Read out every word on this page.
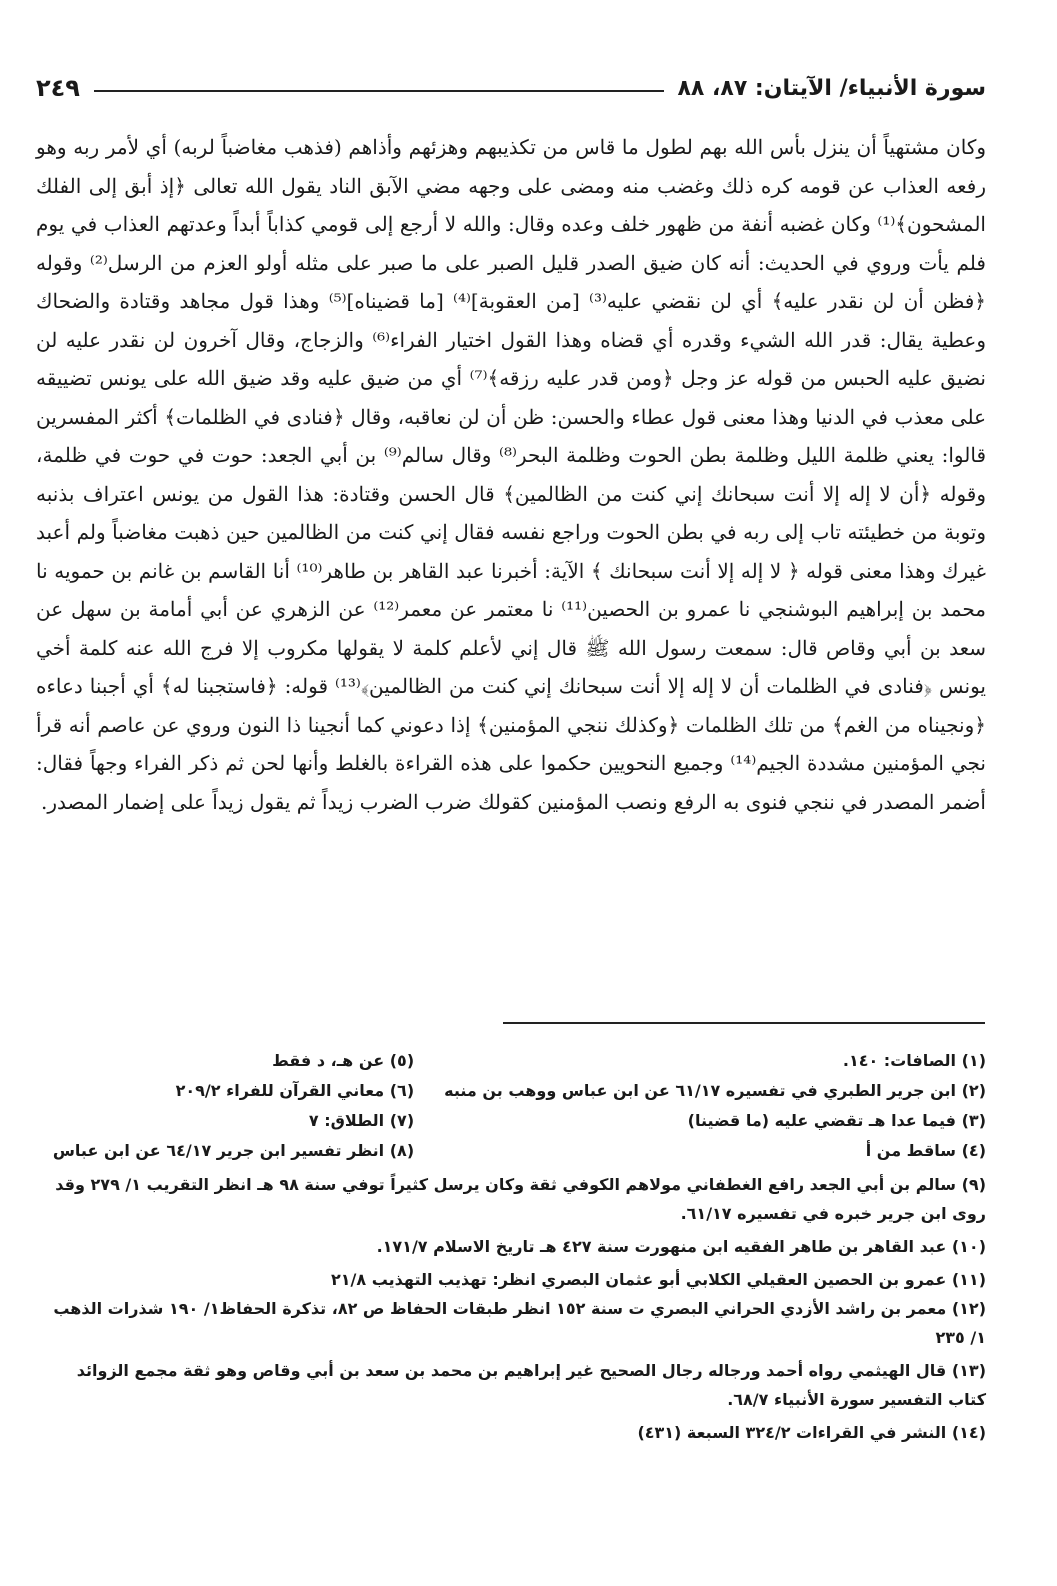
سورة الأنبياء/ الآيتان: ٨٧، ٨٨
٢٤٩

وكان مشتهياً أن ينزل بأس الله بهم لطول ما قاس من تكذيبهم وهزئهم وأذاهم (فذهب مغاضباً لربه) أي لأمر ربه وهو رفعه العذاب عن قومه كره ذلك وغضب منه ومضى على وجهه مضي الآبق الناد يقول الله تعالى ﴿إذ أبق إلى الفلك المشحون﴾⁽¹⁾ وكان غضبه أنفة من ظهور خلف وعده وقال: والله لا أرجع إلى قومي كذاباً أبداً وعدتهم العذاب في يوم فلم يأت وروي في الحديث: أنه كان ضيق الصدر قليل الصبر على ما صبر على مثله أولو العزم من الرسل⁽²⁾ وقوله ﴿فظن أن لن نقدر عليه﴾ أي لن نقضي عليه⁽³⁾ [من العقوبة]⁽⁴⁾ [ما قضيناه]⁽⁵⁾ وهذا قول مجاهد وقتادة والضحاك وعطية يقال: قدر الله الشيء وقدره أي قضاه وهذا القول اختيار الفراء⁽⁶⁾ والزجاج، وقال آخرون لن نقدر عليه لن نضيق عليه الحبس من قوله عز وجل ﴿ومن قدر عليه رزقه﴾⁽⁷⁾ أي من ضيق عليه وقد ضيق الله على يونس تضييقه على معذب في الدنيا وهذا معنى قول عطاء والحسن: ظن أن لن نعاقبه، وقال ﴿فنادى في الظلمات﴾ أكثر المفسرين قالوا: يعني ظلمة الليل وظلمة بطن الحوت وظلمة البحر⁽⁸⁾ وقال سالم⁽⁹⁾ بن أبي الجعد: حوت في حوت في ظلمة، وقوله ﴿أن لا إله إلا أنت سبحانك إني كنت من الظالمين﴾ قال الحسن وقتادة: هذا القول من يونس اعتراف بذنبه وتوبة من خطيئته تاب إلى ربه في بطن الحوت وراجع نفسه فقال إني كنت من الظالمين حين ذهبت مغاضباً ولم أعبد غيرك وهذا معنى قوله ﴿ لا إله إلا أنت سبحانك ﴾ الآية: أخبرنا عبد القاهر بن طاهر⁽¹⁰⁾ أنا القاسم بن غانم بن حمويه نا محمد بن إبراهيم البوشنجي نا عمرو بن الحصين⁽¹¹⁾ نا معتمر عن معمر⁽¹²⁾ عن الزهري عن أبي أمامة بن سهل عن سعد بن أبي وقاص قال: سمعت رسول الله ﷺ قال إني لأعلم كلمة لا يقولها مكروب إلا فرج الله عنه كلمة أخي يونس ﴿فنادى في الظلمات أن لا إله إلا أنت سبحانك إني كنت من الظالمين﴾⁽¹³⁾ قوله: ﴿فاستجبنا له﴾ أي أجبنا دعاءه ﴿ونجيناه من الغم﴾ من تلك الظلمات ﴿وكذلك ننجي المؤمنين﴾ إذا دعوني كما أنجينا ذا النون وروي عن عاصم أنه قرأ نجي المؤمنين مشددة الجيم⁽¹⁴⁾ وجميع النحويين حكموا على هذه القراءة بالغلط وأنها لحن ثم ذكر الفراء وجهاً فقال: أضمر المصدر في ننجي فنوى به الرفع ونصب المؤمنين كقولك ضرب الضرب زيداً ثم يقول زيداً على إضمار المصدر.

(١) الصافات: ١٤٠.
(٢) ابن جرير الطبري في تفسيره ٦١/١٧ عن ابن عباس ووهب بن منبه
(٣) فيما عدا هـ تقضي عليه (ما قضينا)
(٤) ساقط من أ
(٥) عن هـ، د فقط
(٦) معاني القرآن للفراء ٢٠٩/٢
(٧) الطلاق: ٧
(٨) انظر تفسير ابن جرير ٦٤/١٧ عن ابن عباس
(٩) سالم بن أبي الجعد رافع الغطفاني مولاهم الكوفي ثقة وكان يرسل كثيراً توفي سنة ٩٨ هـ انظر التقريب ١/ ٢٧٩ وقد روى ابن جرير خبره في تفسيره ٦١/١٧.
(١٠) عبد القاهر بن طاهر الفقيه ابن منهورت سنة ٤٢٧ هـ تاريخ الاسلام ١٧١/٧.
(١١) عمرو بن الحصين العقيلي الكلابي أبو عثمان البصري انظر: تهذيب التهذيب ٢١/٨
(١٢) معمر بن راشد الأزدي الحراني البصري ت سنة ١٥٢ انظر طبقات الحفاظ ص ٨٢، تذكرة الحفاظ١/ ١٩٠ شذرات الذهب ١/ ٢٣٥
(١٣) قال الهيثمي رواه أحمد ورجاله رجال الصحيح غير إبراهيم بن محمد بن سعد بن أبي وقاص وهو ثقة مجمع الزوائد كتاب التفسير سورة الأنبياء ٦٨/٧.
(١٤) النشر في القراءات ٣٢٤/٢ السبعة (٤٣١)
